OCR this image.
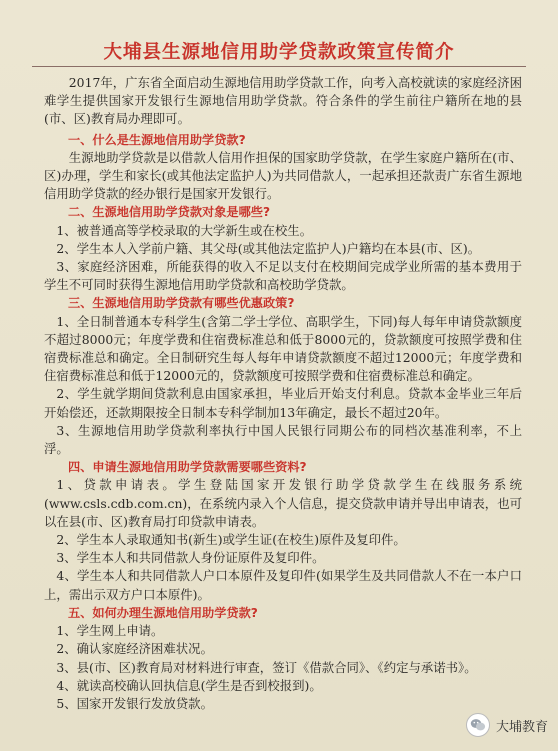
大埔县生源地信用助学贷款政策宣传简介

2017年，广东省全面启动生源地信用助学贷款工作，向考入高校就读的家庭经济困难学生提供国家开发银行生源地信用助学贷款。符合条件的学生前往户籍所在地的县(市、区)教育局办理即可。

一、什么是生源地信用助学贷款?

生源地助学贷款是以借款人信用作担保的国家助学贷款，在学生家庭户籍所在(市、区)办理，学生和家长(或其他法定监护人)为共同借款人，一起承担还款责广东省生源地信用助学贷款的经办银行是国家开发银行。

二、生源地信用助学贷款对象是哪些?

1、被普通高等学校录取的大学新生或在校生。

2、学生本人入学前户籍、其父母(或其他法定监护人)户籍均在本县(市、区)。

3、家庭经济困难，所能获得的收入不足以支付在校期间完成学业所需的基本费用于学生不可同时获得生源地信用助学贷款和高校助学贷款。

三、生源地信用助学贷款有哪些优惠政策?

1、全日制普通本专科学生(含第二学士学位、高职学生，下同)每人每年申请贷款额度不超过8000元；年度学费和住宿费标准总和低于8000元的，贷款额度可按照学费和住宿费标准总和确定。全日制研究生每人每年申请贷款额度不超过12000元；年度学费和住宿费标准总和低于12000元的，贷款额度可按照学费和住宿费标准总和确定。

2、学生就学期间贷款利息由国家承担，毕业后开始支付利息。贷款本金毕业三年后开始偿还，还款期限按全日制本专科学制加13年确定，最长不超过20年。

3、生源地信用助学贷款利率执行中国人民银行同期公布的同档次基准利率，不上浮。

四、申请生源地信用助学贷款需要哪些资料?

1、贷款申请表。学生登陆国家开发银行助学贷款学生在线服务系统(www.csls.cdb.com.cn)，在系统内录入个人信息，提交贷款申请并导出申请表，也可以在县(市、区)教育局打印贷款申请表。

2、学生本人录取通知书(新生)或学生证(在校生)原件及复印件。

3、学生本人和共同借款人身份证原件及复印件。

4、学生本人和共同借款人户口本原件及复印件(如果学生及共同借款人不在一本户口上，需出示双方户口本原件)。

五、如何办理生源地信用助学贷款?

1、学生网上申请。

2、确认家庭经济困难状况。

3、县(市、区)教育局对材料进行审查，签订《借款合同》、《约定与承诺书》。

4、就读高校确认回执信息(学生是否到校报到)。

5、国家开发银行发放贷款。

大埔教育
